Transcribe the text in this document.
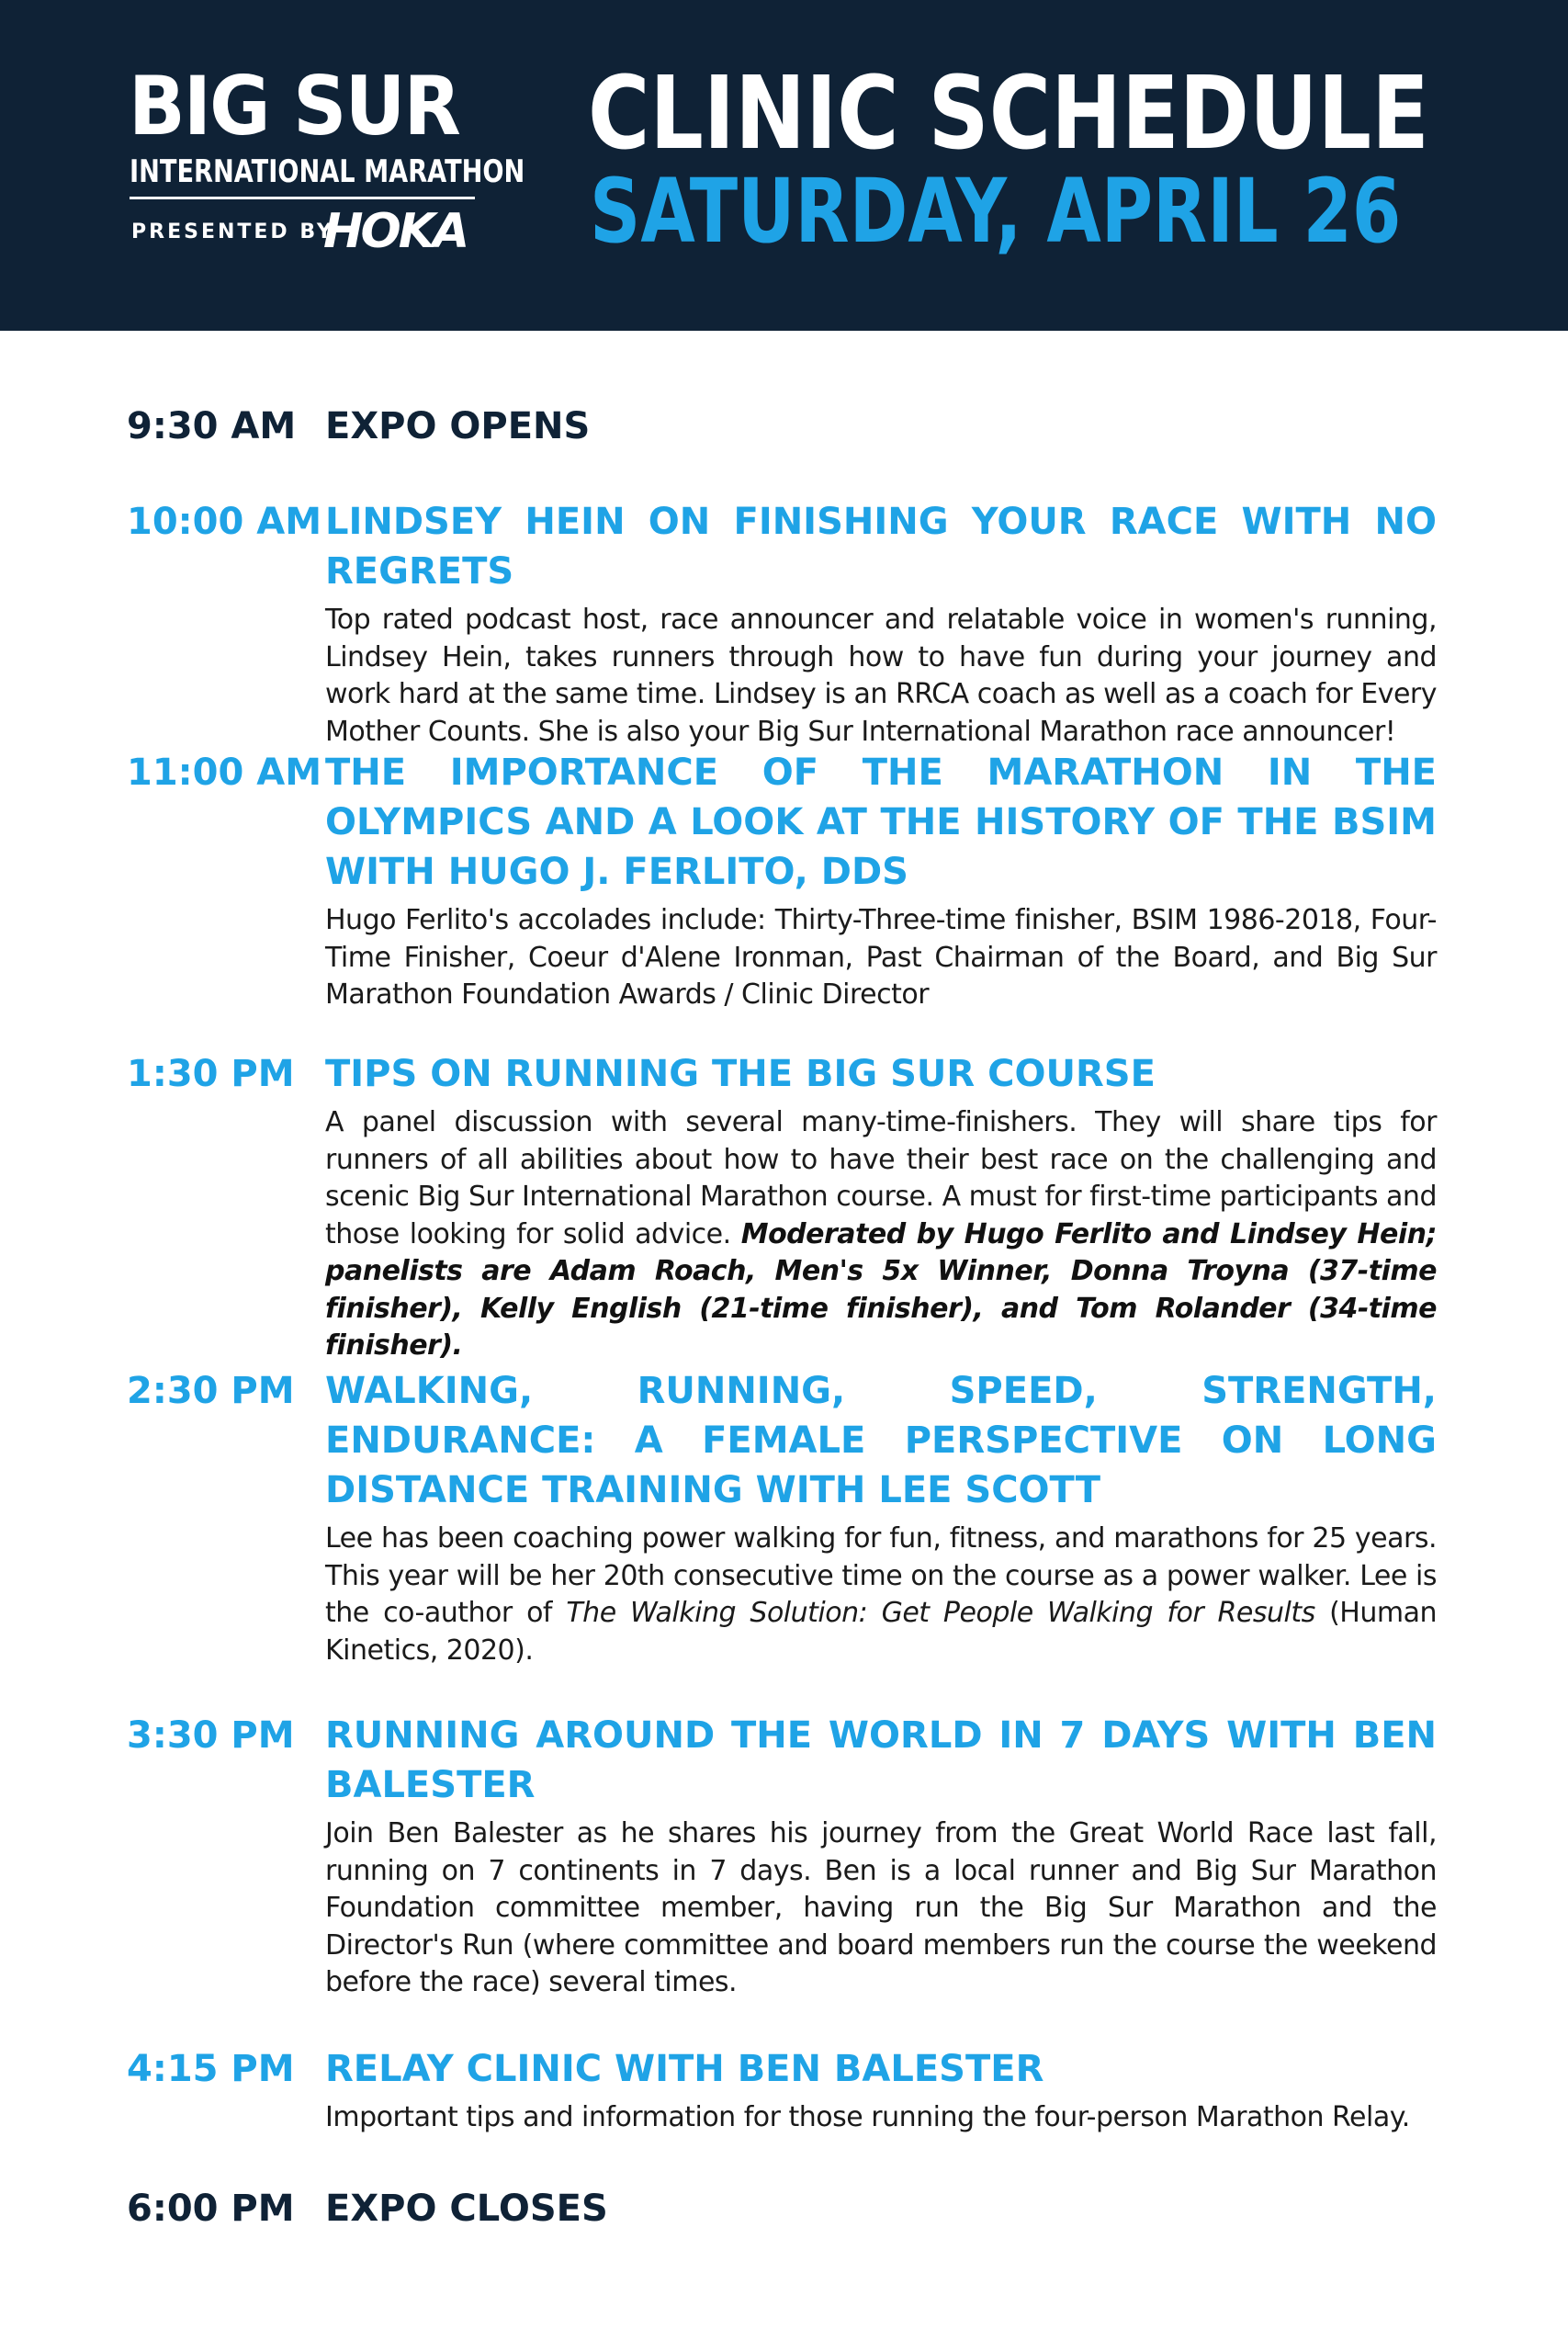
BIG SUR
INTERNATIONAL MARATHON
PRESENTED BY
HOKA
CLINIC SCHEDULE
SATURDAY, APRIL 26
9:30 AM EXPO OPENS
10:00 AM LINDSEY HEIN ON FINISHING YOUR RACE WITH NO REGRETS
Top rated podcast host, race announcer and relatable voice in women's running, Lindsey Hein, takes runners through how to have fun during your journey and work hard at the same time. Lindsey is an RRCA coach as well as a coach for Every Mother Counts. She is also your Big Sur International Marathon race announcer!
11:00 AM THE IMPORTANCE OF THE MARATHON IN THE OLYMPICS AND A LOOK AT THE HISTORY OF THE BSIM WITH HUGO J. FERLITO, DDS
Hugo Ferlito's accolades include: Thirty-Three-time finisher, BSIM 1986-2018, Four-Time Finisher, Coeur d'Alene Ironman, Past Chairman of the Board, and Big Sur Marathon Foundation Awards / Clinic Director
1:30 PM TIPS ON RUNNING THE BIG SUR COURSE
A panel discussion with several many-time-finishers. They will share tips for runners of all abilities about how to have their best race on the challenging and scenic Big Sur International Marathon course. A must for first-time participants and those looking for solid advice. Moderated by Hugo Ferlito and Lindsey Hein; panelists are Adam Roach, Men's 5x Winner, Donna Troyna (37-time finisher), Kelly English (21-time finisher), and Tom Rolander (34-time finisher).
2:30 PM WALKING, RUNNING, SPEED, STRENGTH, ENDURANCE: A FEMALE PERSPECTIVE ON LONG DISTANCE TRAINING WITH LEE SCOTT
Lee has been coaching power walking for fun, fitness, and marathons for 25 years. This year will be her 20th consecutive time on the course as a power walker. Lee is the co-author of The Walking Solution: Get People Walking for Results (Human Kinetics, 2020).
3:30 PM RUNNING AROUND THE WORLD IN 7 DAYS WITH BEN BALESTER
Join Ben Balester as he shares his journey from the Great World Race last fall, running on 7 continents in 7 days. Ben is a local runner and Big Sur Marathon Foundation committee member, having run the Big Sur Marathon and the Director's Run (where committee and board members run the course the weekend before the race) several times.
4:15 PM RELAY CLINIC WITH BEN BALESTER
Important tips and information for those running the four-person Marathon Relay.
6:00 PM EXPO CLOSES
